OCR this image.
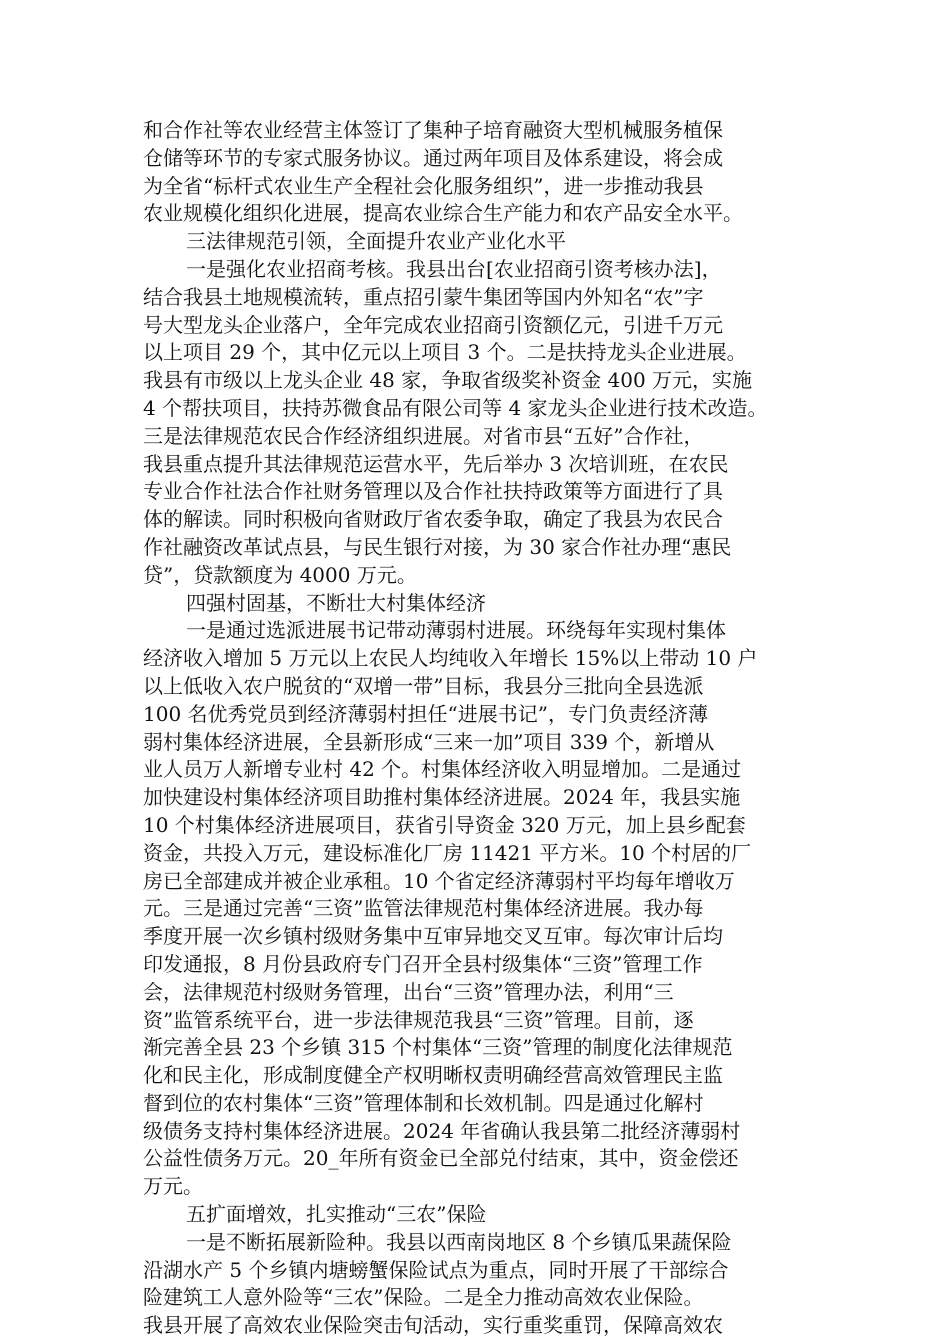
和合作社等农业经营主体签订了集种子培育融资大型机械服务植保
仓储等环节的专家式服务协议。通过两年项目及体系建设，将会成
为全省“标杆式农业生产全程社会化服务组织”，进一步推动我县
农业规模化组织化进展，提高农业综合生产能力和农产品安全水平。
三法律规范引领，全面提升农业产业化水平
一是强化农业招商考核。我县出台[农业招商引资考核办法]，
结合我县土地规模流转，重点招引蒙牛集团等国内外知名“农”字
号大型龙头企业落户，全年完成农业招商引资额亿元，引进千万元
以上项目 29 个，其中亿元以上项目 3 个。二是扶持龙头企业进展。
我县有市级以上龙头企业 48 家，争取省级奖补资金 400 万元，实施
4 个帮扶项目，扶持苏微食品有限公司等 4 家龙头企业进行技术改造。
三是法律规范农民合作经济组织进展。对省市县“五好”合作社，
我县重点提升其法律规范运营水平，先后举办 3 次培训班，在农民
专业合作社法合作社财务管理以及合作社扶持政策等方面进行了具
体的解读。同时积极向省财政厅省农委争取，确定了我县为农民合
作社融资改革试点县，与民生银行对接，为 30 家合作社办理“惠民
贷”，贷款额度为 4000 万元。
四强村固基，不断壮大村集体经济
一是通过选派进展书记带动薄弱村进展。环绕每年实现村集体
经济收入增加 5 万元以上农民人均纯收入年增长 15%以上带动 10 户
以上低收入农户脱贫的“双增一带”目标，我县分三批向全县选派
100 名优秀党员到经济薄弱村担任“进展书记”，专门负责经济薄
弱村集体经济进展，全县新形成“三来一加”项目 339 个，新增从
业人员万人新增专业村 42 个。村集体经济收入明显增加。二是通过
加快建设村集体经济项目助推村集体经济进展。2024 年，我县实施
10 个村集体经济进展项目，获省引导资金 320 万元，加上县乡配套
资金，共投入万元，建设标准化厂房 11421 平方米。10 个村居的厂
房已全部建成并被企业承租。10 个省定经济薄弱村平均每年增收万
元。三是通过完善“三资”监管法律规范村集体经济进展。我办每
季度开展一次乡镇村级财务集中互审异地交叉互审。每次审计后均
印发通报，8 月份县政府专门召开全县村级集体“三资”管理工作
会，法律规范村级财务管理，出台“三资”管理办法，利用“三
资”监管系统平台，进一步法律规范我县“三资”管理。目前，逐
渐完善全县 23 个乡镇 315 个村集体“三资”管理的制度化法律规范
化和民主化，形成制度健全产权明晰权责明确经营高效管理民主监
督到位的农村集体“三资”管理体制和长效机制。四是通过化解村
级债务支持村集体经济进展。2024 年省确认我县第二批经济薄弱村
公益性债务万元。20_年所有资金已全部兑付结束，其中，资金偿还
万元。
五扩面增效，扎实推动“三农”保险
一是不断拓展新险种。我县以西南岗地区 8 个乡镇瓜果蔬保险
沿湖水产 5 个乡镇内塘螃蟹保险试点为重点，同时开展了干部综合
险建筑工人意外险等“三农”保险。二是全力推动高效农业保险。
我县开展了高效农业保险突击旬活动，实行重奖重罚，保障高效农
